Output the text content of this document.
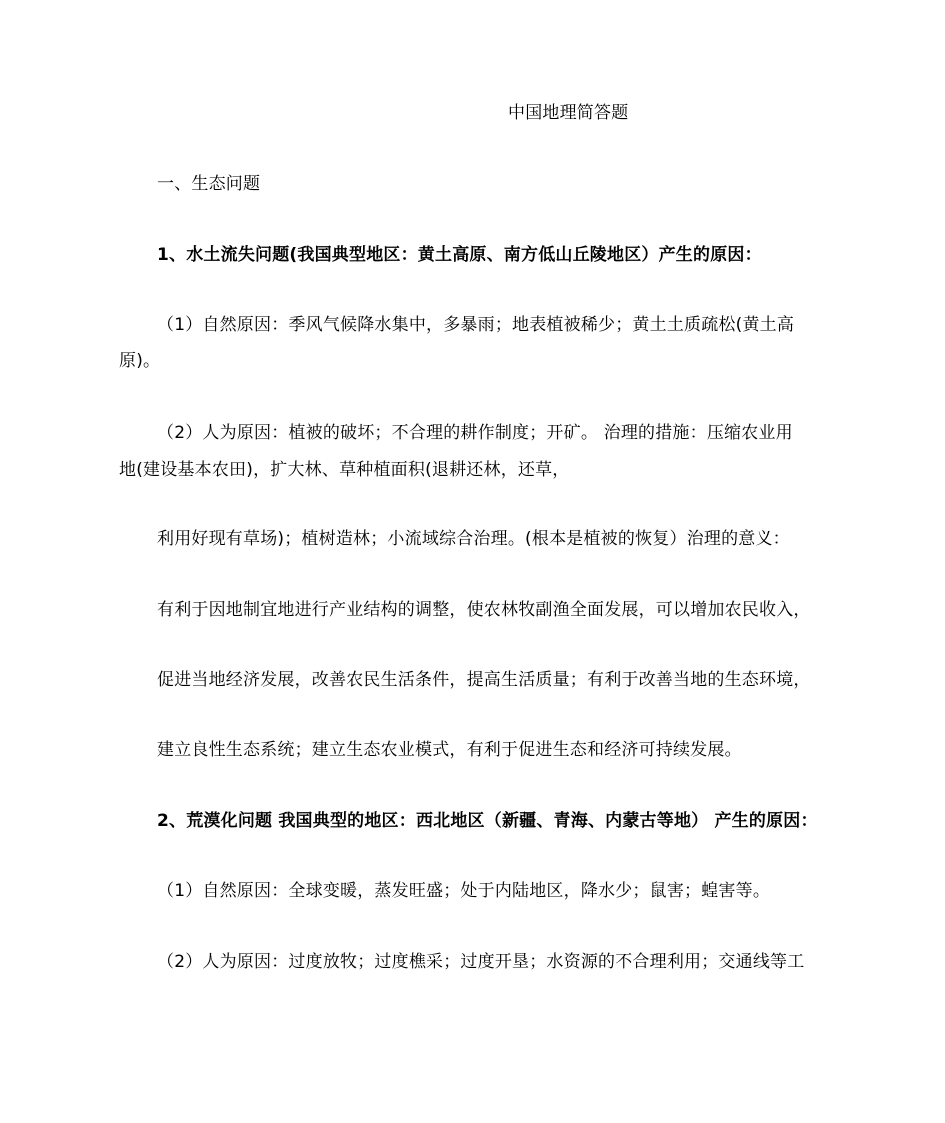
中国地理简答题
一、生态问题
1、水土流失问题(我国典型地区：黄土高原、南方低山丘陵地区）产生的原因：
（1）自然原因：季风气候降水集中，多暴雨；地表植被稀少；黄土土质疏松(黄土高
原)。
（2）人为原因：植被的破坏；不合理的耕作制度；开矿。 治理的措施：压缩农业用
地(建设基本农田)，扩大林、草种植面积(退耕还林，还草，
利用好现有草场)；植树造林；小流域综合治理。(根本是植被的恢复）治理的意义：
有利于因地制宜地进行产业结构的调整，使农林牧副渔全面发展，可以增加农民收入，
促进当地经济发展，改善农民生活条件，提高生活质量；有利于改善当地的生态环境，
建立良性生态系统；建立生态农业模式，有利于促进生态和经济可持续发展。
2、荒漠化问题 我国典型的地区：西北地区（新疆、青海、内蒙古等地） 产生的原因：
（1）自然原因：全球变暖，蒸发旺盛；处于内陆地区，降水少；鼠害；蝗害等。
（2）人为原因：过度放牧；过度樵采；过度开垦；水资源的不合理利用；交通线等工
